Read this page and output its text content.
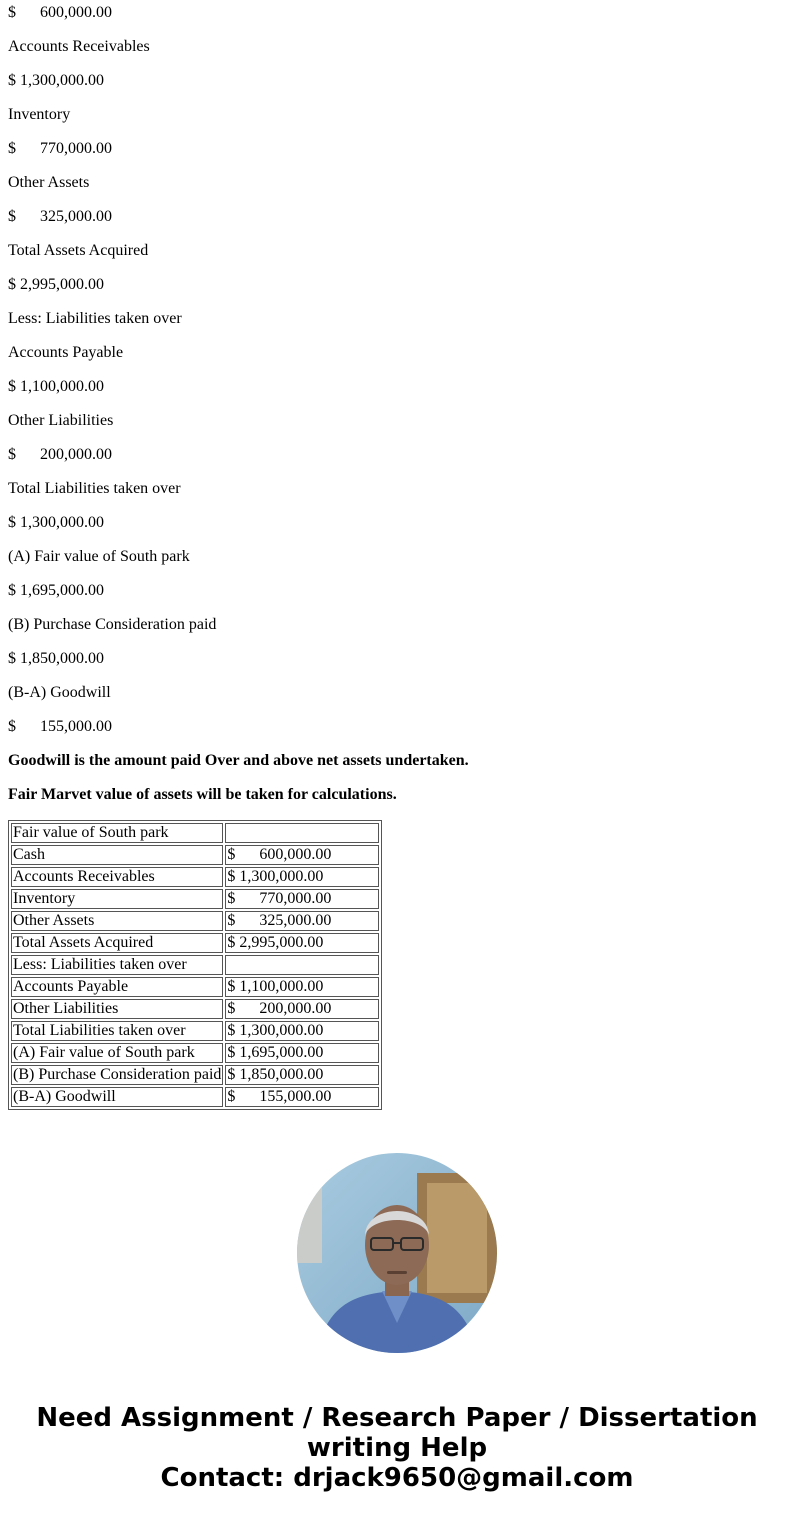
$      600,000.00

Accounts Receivables

$ 1,300,000.00

Inventory

$      770,000.00

Other Assets

$      325,000.00

Total Assets Acquired

$ 2,995,000.00

Less: Liabilities taken over

Accounts Payable

$ 1,100,000.00

Other Liabilities

$      200,000.00

Total Liabilities taken over

$ 1,300,000.00

(A) Fair value of South park

$ 1,695,000.00

(B) Purchase Consideration paid

$ 1,850,000.00

(B-A) Goodwill

$      155,000.00

Goodwill is the amount paid Over and above net assets undertaken.

Fair Marvet value of assets will be taken for calculations.

Fair value of South park	
Cash	$      600,000.00
Accounts Receivables	$ 1,300,000.00
Inventory	$      770,000.00
Other Assets	$      325,000.00
Total Assets Acquired	$ 2,995,000.00
Less: Liabilities taken over	
Accounts Payable	$ 1,100,000.00
Other Liabilities	$      200,000.00
Total Liabilities taken over	$ 1,300,000.00
(A) Fair value of South park	$ 1,695,000.00
(B) Purchase Consideration paid	$ 1,850,000.00
(B-A) Goodwill	$      155,000.00
Need Assignment / Research Paper / Dissertation
writing Help
Contact: drjack9650@gmail.com
